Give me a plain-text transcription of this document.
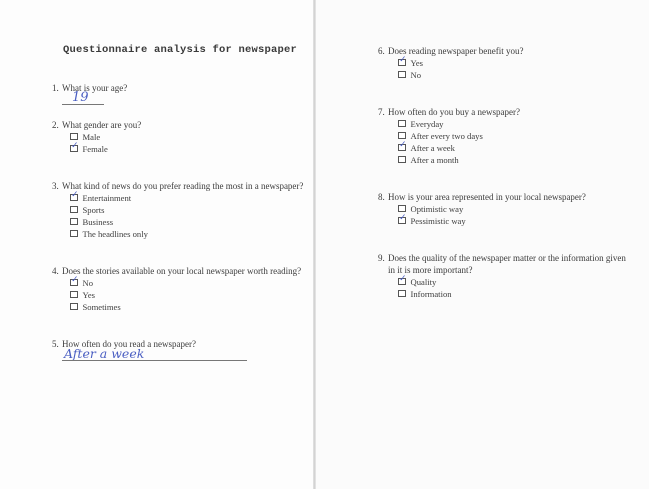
Questionnaire analysis for newspaper
1. What is your age?
19
2. What gender are you?
Male
✓ Female
3. What kind of news do you prefer reading the most in a newspaper?
✓ Entertainment
Sports
Business
The headlines only
4. Does the stories available on your local newspaper worth reading?
✓ No
Yes
Sometimes
5. How often do you read a newspaper?
After a week
6. Does reading newspaper benefit you?
✓ Yes
No
7. How often do you buy a newspaper?
Everyday
After every two days
✓ After a week
After a month
8. How is your area represented in your local newspaper?
Optimistic way
✓ Pessimistic way
9. Does the quality of the newspaper matter or the information given
in it is more important?
✓ Quality
Information
